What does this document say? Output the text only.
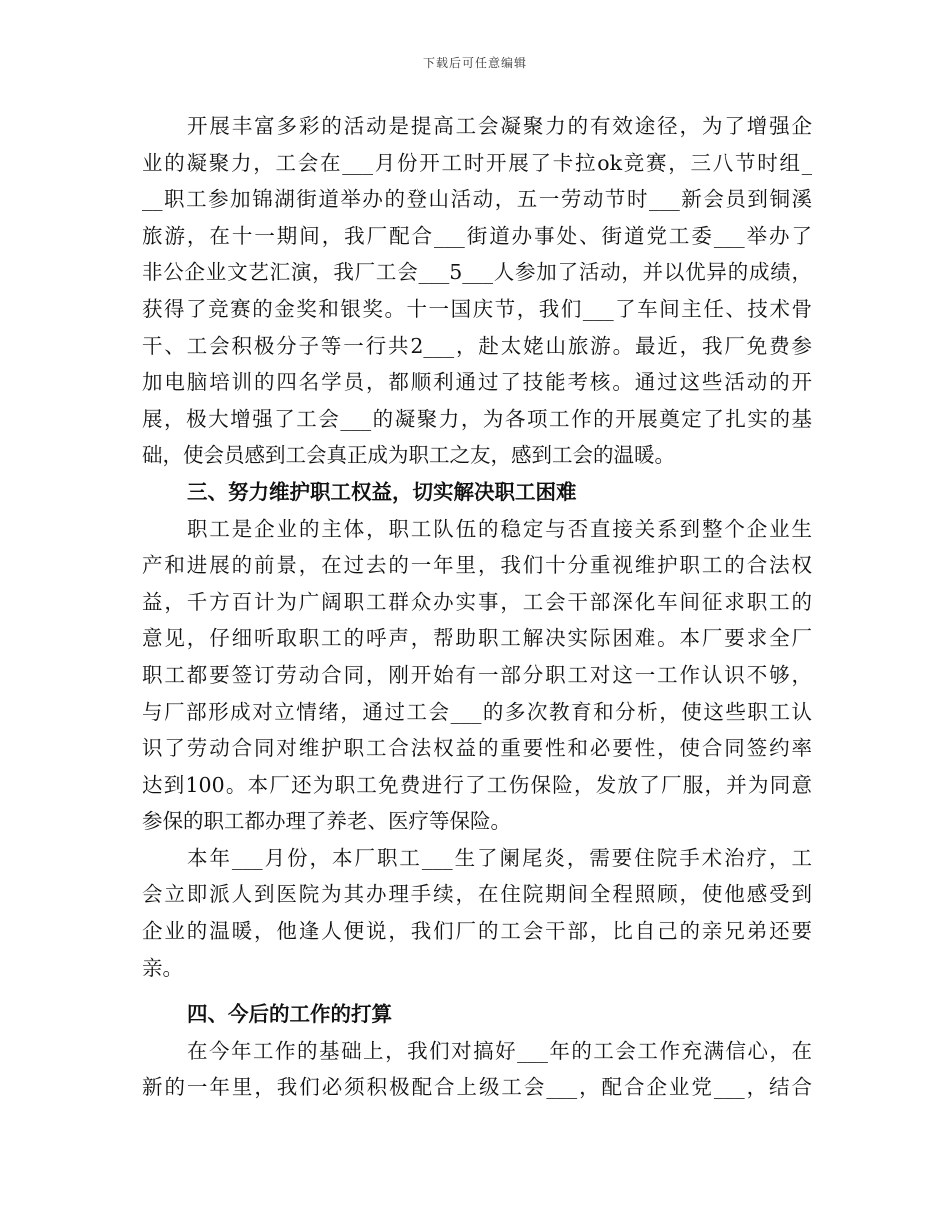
下载后可任意编辑
开展丰富多彩的活动是提高工会凝聚力的有效途径，为了增强企
业的凝聚力，工会在___月份开工时开展了卡拉ok竞赛，三八节时组_
__职工参加锦湖街道举办的登山活动，五一劳动节时___新会员到铜溪
旅游，在十一期间，我厂配合___街道办事处、街道党工委___举办了
非公企业文艺汇演，我厂工会___5___人参加了活动，并以优异的成绩，
获得了竞赛的金奖和银奖。十一国庆节，我们___了车间主任、技术骨
干、工会积极分子等一行共2___，赴太姥山旅游。最近，我厂免费参
加电脑培训的四名学员，都顺利通过了技能考核。通过这些活动的开
展，极大增强了工会___的凝聚力，为各项工作的开展奠定了扎实的基
础，使会员感到工会真正成为职工之友，感到工会的温暖。
三、努力维护职工权益，切实解决职工困难
职工是企业的主体，职工队伍的稳定与否直接关系到整个企业生
产和进展的前景，在过去的一年里，我们十分重视维护职工的合法权
益，千方百计为广阔职工群众办实事，工会干部深化车间征求职工的
意见，仔细听取职工的呼声，帮助职工解决实际困难。本厂要求全厂
职工都要签订劳动合同，刚开始有一部分职工对这一工作认识不够，
与厂部形成对立情绪，通过工会___的多次教育和分析，使这些职工认
识了劳动合同对维护职工合法权益的重要性和必要性，使合同签约率
达到100。本厂还为职工免费进行了工伤保险，发放了厂服，并为同意
参保的职工都办理了养老、医疗等保险。
本年___月份，本厂职工___生了阑尾炎，需要住院手术治疗，工
会立即派人到医院为其办理手续，在住院期间全程照顾，使他感受到
企业的温暖，他逢人便说，我们厂的工会干部，比自己的亲兄弟还要
亲。
四、今后的工作的打算
在今年工作的基础上，我们对搞好___年的工会工作充满信心，在
新的一年里，我们必须积极配合上级工会___，配合企业党___，结合
